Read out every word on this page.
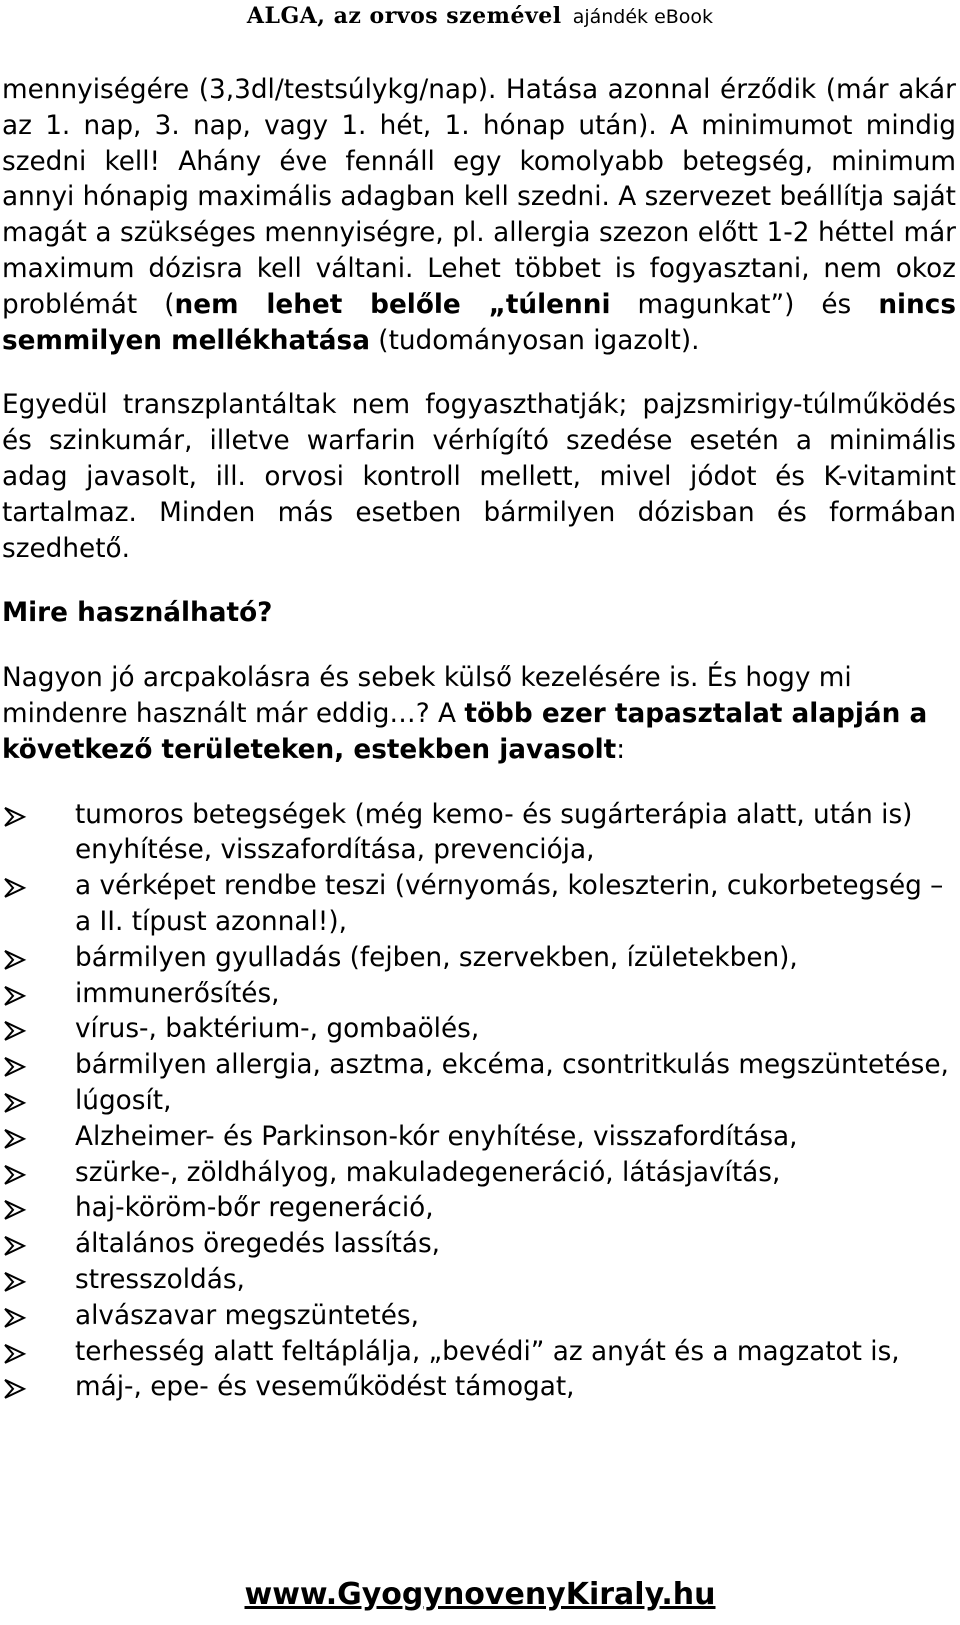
ALGA, az orvos szemével ajándék eBook

mennyiségére (3,3dl/testsúlykg/nap). Hatása azonnal érződik (már akár az 1. nap, 3. nap, vagy 1. hét, 1. hónap után). A minimumot mindig szedni kell! Ahány éve fennáll egy komolyabb betegség, minimum annyi hónapig maximális adagban kell szedni. A szervezet beállítja saját magát a szükséges mennyiségre, pl. allergia szezon előtt 1-2 héttel már maximum dózisra kell váltani. Lehet többet is fogyasztani, nem okoz problémát (nem lehet belőle „túlenni magunkat”) és nincs semmilyen mellékhatása (tudományosan igazolt).

Egyedül transzplantáltak nem fogyaszthatják; pajzsmirigy-túlműködés és szinkumár, illetve warfarin vérhígító szedése esetén a minimális adag javasolt, ill. orvosi kontroll mellett, mivel jódot és K-vitamint tartalmaz. Minden más esetben bármilyen dózisban és formában szedhető.

Mire használható?

Nagyon jó arcpakolásra és sebek külső kezelésére is. És hogy mi mindenre használt már eddig…? A több ezer tapasztalat alapján a következő területeken, estekben javasolt:

tumoros betegségek (még kemo- és sugárterápia alatt, után is) enyhítése, visszafordítása, prevenciója,
a vérképet rendbe teszi (vérnyomás, koleszterin, cukorbetegség – a II. típust azonnal!),
bármilyen gyulladás (fejben, szervekben, ízületekben),
immunerősítés,
vírus-, baktérium-, gombaölés,
bármilyen allergia, asztma, ekcéma, csontritkulás megszüntetése,
lúgosít,
Alzheimer- és Parkinson-kór enyhítése, visszafordítása,
szürke-, zöldhályog, makuladegeneráció, látásjavítás,
haj-köröm-bőr regeneráció,
általános öregedés lassítás,
stresszoldás,
alvászavar megszüntetés,
terhesség alatt feltáplálja, „bevédi” az anyát és a magzatot is,
máj-, epe- és veseműködést támogat,
www.GyogynovenyKiraly.hu
